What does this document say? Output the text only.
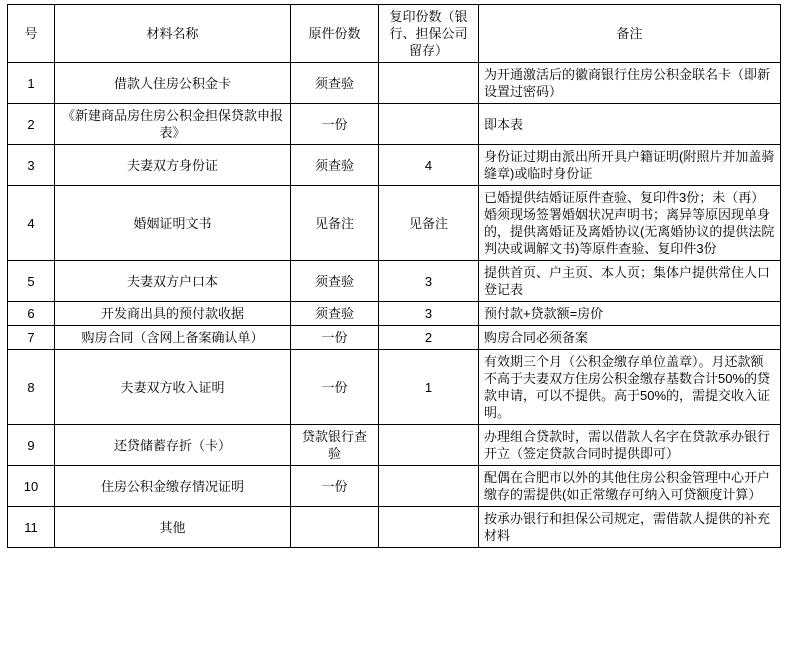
号	材料名称	原件份数	复印份数（银行、担保公司留存）	备注
1	借款人住房公积金卡	须查验		为开通激活后的徽商银行住房公积金联名卡（即新设置过密码）
2	《新建商品房住房公积金担保贷款申报表》	一份		即本表
3	夫妻双方身份证	须查验	4	身份证过期由派出所开具户籍证明(附照片并加盖骑缝章)或临时身份证
4	婚姻证明文书	见备注	见备注	已婚提供结婚证原件查验、复印件3份；未（再）婚须现场签署婚姻状况声明书；离异等原因现单身的，提供离婚证及离婚协议(无离婚协议的提供法院判决或调解文书)等原件查验、复印件3份
5	夫妻双方户口本	须查验	3	提供首页、户主页、本人页；集体户提供常住人口登记表
6	开发商出具的预付款收据	须查验	3	预付款+贷款额=房价
7	购房合同（含网上备案确认单）	一份	2	购房合同必须备案
8	夫妻双方收入证明	一份	1	有效期三个月（公积金缴存单位盖章）。月还款额不高于夫妻双方住房公积金缴存基数合计50%的贷款申请，可以不提供。高于50%的，需提交收入证明。
9	还贷储蓄存折（卡）	贷款银行查验		办理组合贷款时，需以借款人名字在贷款承办银行开立（签定贷款合同时提供即可）
10	住房公积金缴存情况证明	一份		配偶在合肥市以外的其他住房公积金管理中心开户缴存的需提供(如正常缴存可纳入可贷额度计算）
11	其他			按承办银行和担保公司规定，需借款人提供的补充材料
